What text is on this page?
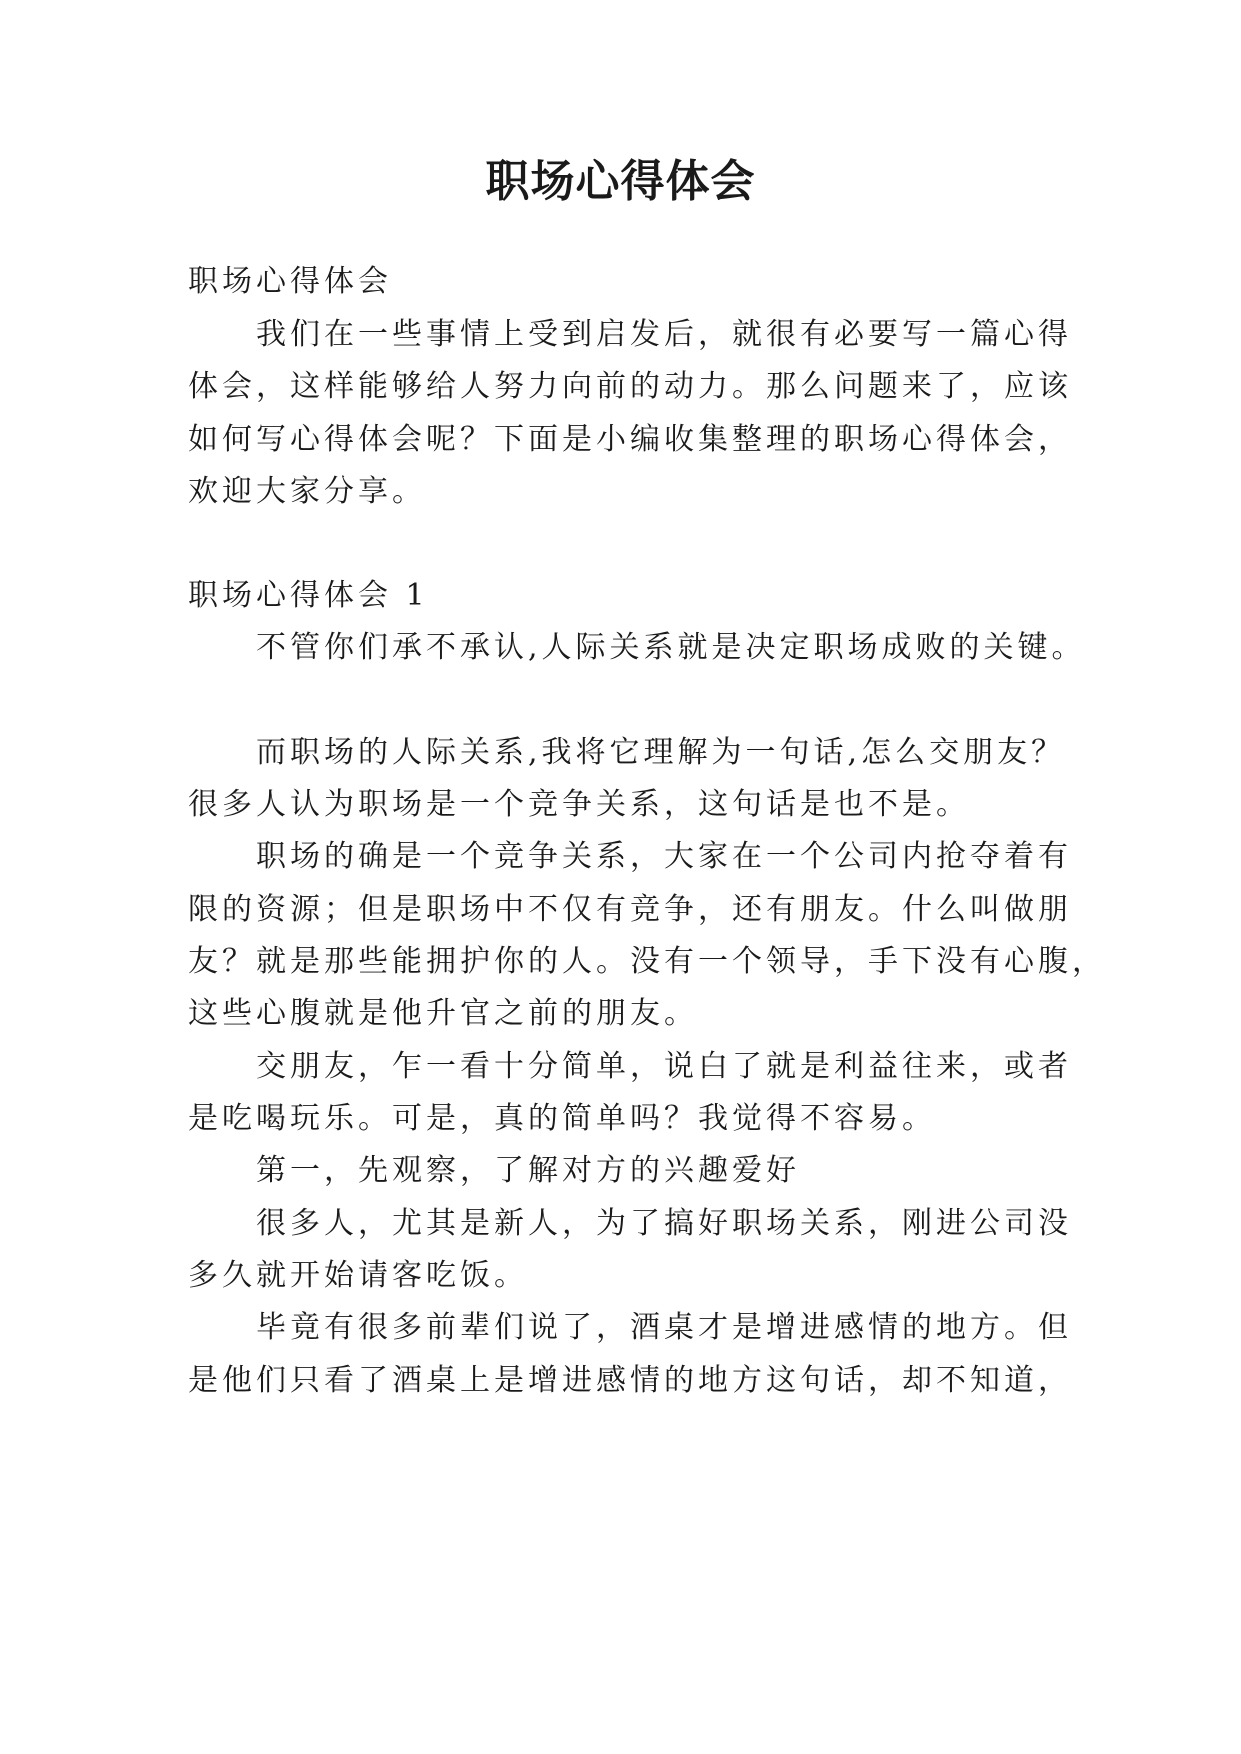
职场心得体会

职场心得体会

我们在一些事情上受到启发后，就很有必要写一篇心得

体会，这样能够给人努力向前的动力。那么问题来了，应该

如何写心得体会呢？下面是小编收集整理的职场心得体会，

欢迎大家分享。

职场心得体会 1

不管你们承不承认,人际关系就是决定职场成败的关键。

而职场的人际关系,我将它理解为一句话,怎么交朋友？

很多人认为职场是一个竞争关系，这句话是也不是。

职场的确是一个竞争关系，大家在一个公司内抢夺着有

限的资源；但是职场中不仅有竞争，还有朋友。什么叫做朋

友？就是那些能拥护你的人。没有一个领导，手下没有心腹，

这些心腹就是他升官之前的朋友。

交朋友，乍一看十分简单，说白了就是利益往来，或者

是吃喝玩乐。可是，真的简单吗？我觉得不容易。

第一，先观察，了解对方的兴趣爱好

很多人，尤其是新人，为了搞好职场关系，刚进公司没

多久就开始请客吃饭。

毕竟有很多前辈们说了，酒桌才是增进感情的地方。但

是他们只看了酒桌上是增进感情的地方这句话，却不知道，
